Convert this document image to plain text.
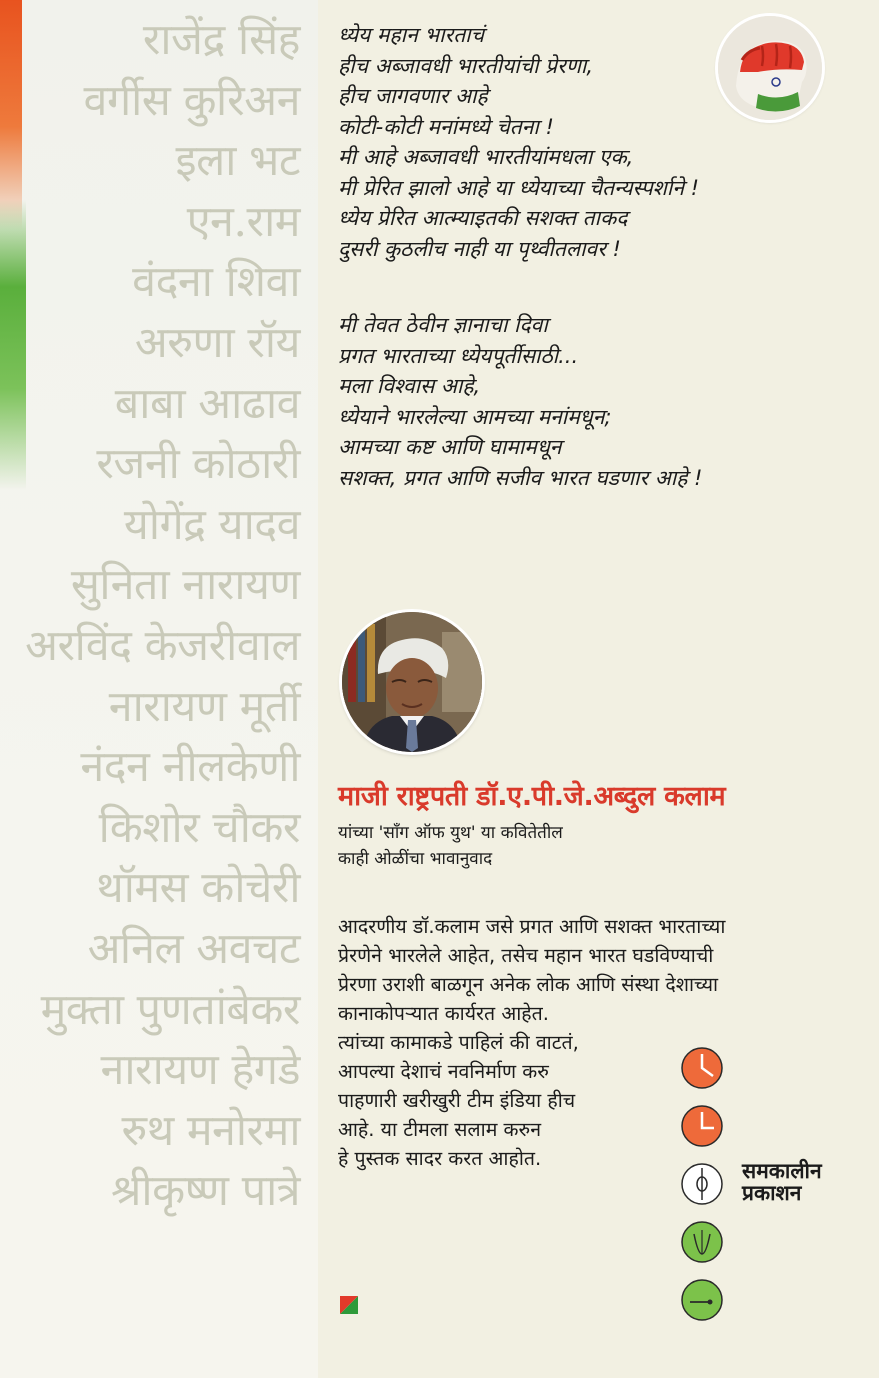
राजेंद्र सिंह
वर्गीस कुरिअन
इला भट
एन.राम
वंदना शिवा
अरुणा रॉय
बाबा आढाव
रजनी कोठारी
योगेंद्र यादव
सुनिता नारायण
अरविंद केजरीवाल
नारायण मूर्ती
नंदन नीलकेणी
किशोर चौकर
थॉमस कोचेरी
अनिल अवचट
मुक्ता पुणतांबेकर
नारायण हेगडे
रुथ मनोरमा
श्रीकृष्ण पात्रे
ध्येय महान भारताचं
हीच अब्जावधी भारतीयांची प्रेरणा,
हीच जागवणार आहे
कोटी-कोटी मनांमध्ये चेतना !
मी आहे अब्जावधी भारतीयांमधला एक,
मी प्रेरित झालो आहे या ध्येयाच्या चैतन्यस्पर्शाने !
ध्येय प्रेरित आत्म्याइतकी सशक्त ताकद
दुसरी कुठलीच नाही या पृथ्वीतलावर !
मी तेवत ठेवीन ज्ञानाचा दिवा
प्रगत भारताच्या ध्येयपूर्तीसाठी...
मला विश्वास आहे,
ध्येयाने भारलेल्या आमच्या मनांमधून;
आमच्या कष्ट आणि घामामधून
सशक्त, प्रगत आणि सजीव भारत घडणार आहे !
माजी राष्ट्रपती डॉ.ए.पी.जे.अब्दुल कलाम
यांच्या 'साँग ऑफ युथ' या कवितेतील
काही ओळींचा भावानुवाद
आदरणीय डॉ.कलाम जसे प्रगत आणि सशक्त भारताच्या
प्रेरणेने भारलेले आहेत, तसेच महान भारत घडविण्याची
प्रेरणा उराशी बाळगून अनेक लोक आणि संस्था देशाच्या
कानाकोपऱ्यात कार्यरत आहेत.
त्यांच्या कामाकडे पाहिलं की वाटतं,
आपल्या देशाचं नवनिर्माण करु
पाहणारी खरीखुरी टीम इंडिया हीच
आहे. या टीमला सलाम करुन
हे पुस्तक सादर करत आहोत.
समकालीन
प्रकाशन
